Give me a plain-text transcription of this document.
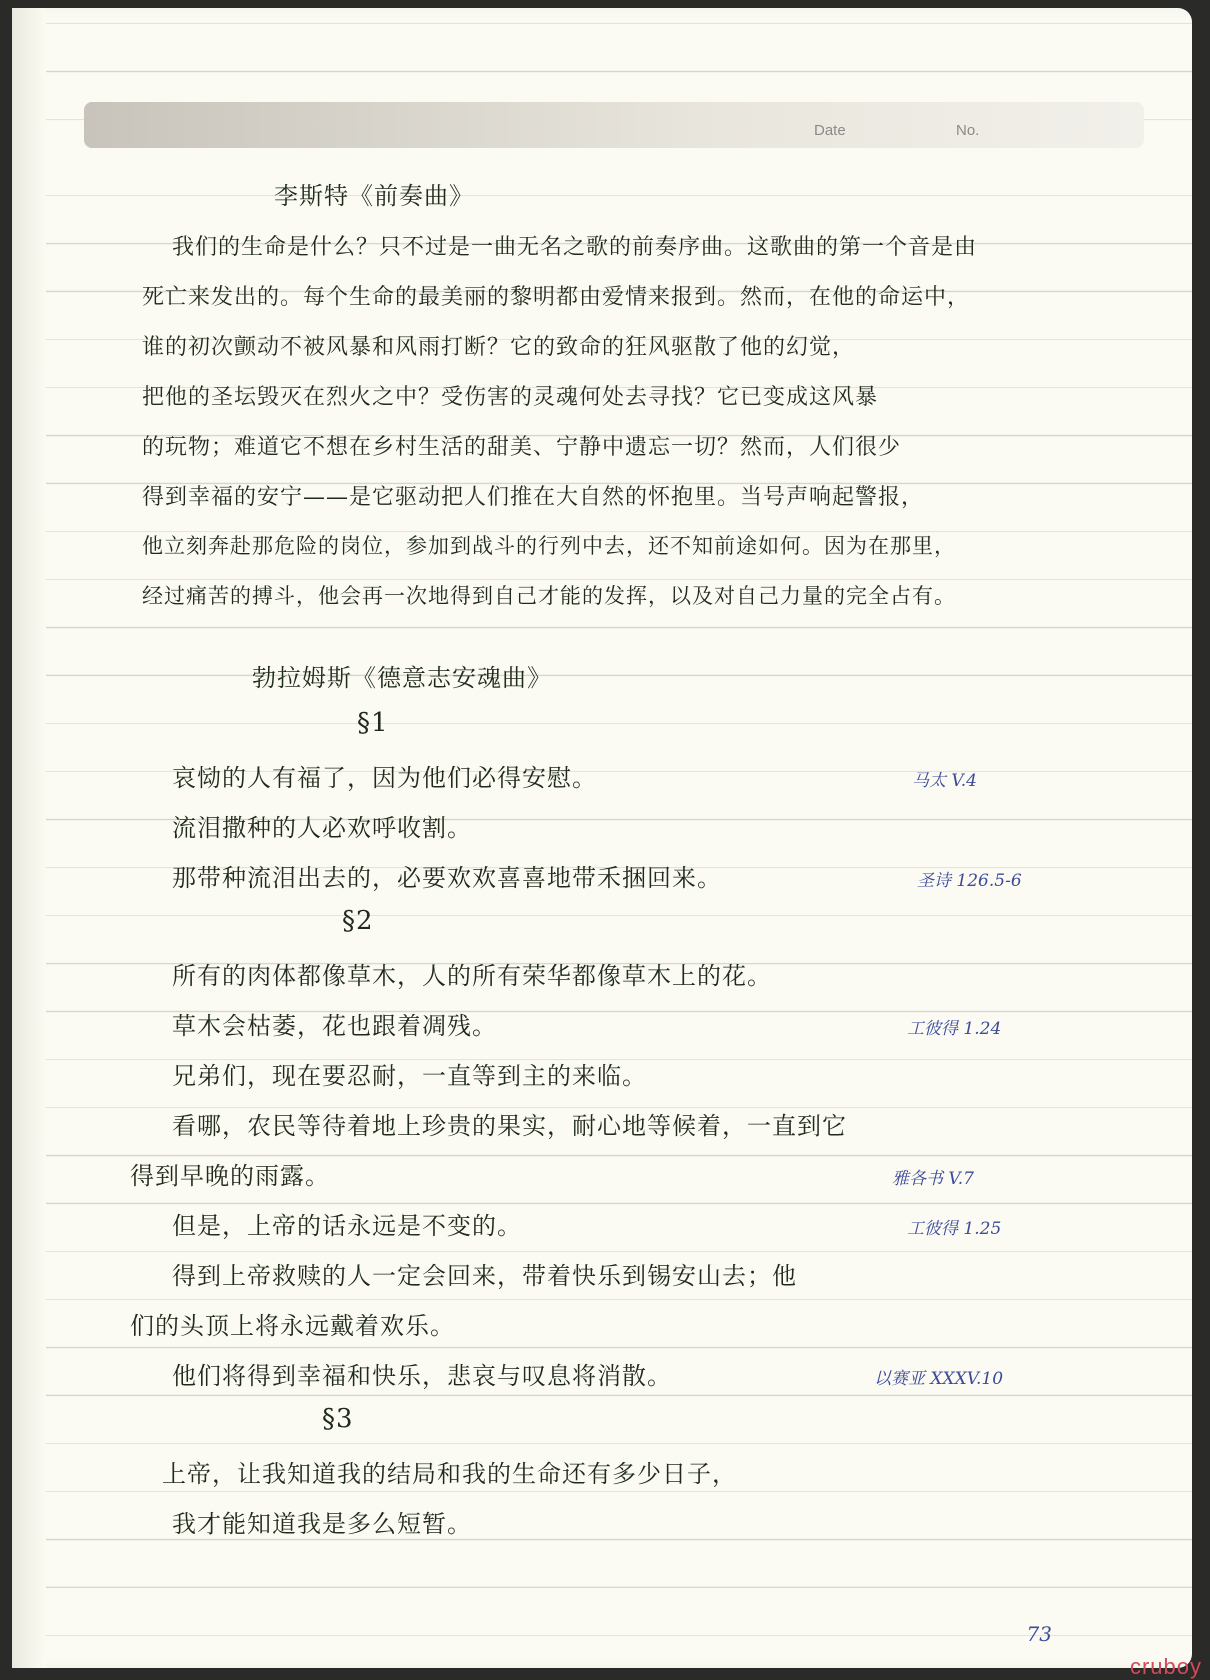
Date	No.
李斯特《前奏曲》
我们的生命是什么？只不过是一曲无名之歌的前奏序曲。这歌曲的第一个音是由
死亡来发出的。每个生命的最美丽的黎明都由爱情来报到。然而，在他的命运中，
谁的初次颤动不被风暴和风雨打断？它的致命的狂风驱散了他的幻觉，
把他的圣坛毁灭在烈火之中？受伤害的灵魂何处去寻找？它已变成这风暴
的玩物；难道它不想在乡村生活的甜美、宁静中遗忘一切？然而，人们很少
得到幸福的安宁——是它驱动把人们推在大自然的怀抱里。当号声响起警报，
他立刻奔赴那危险的岗位，参加到战斗的行列中去，还不知前途如何。因为在那里，
经过痛苦的搏斗，他会再一次地得到自己才能的发挥，以及对自己力量的完全占有。
勃拉姆斯《德意志安魂曲》
§1
哀恸的人有福了，因为他们必得安慰。	马太 V.4
流泪撒种的人必欢呼收割。
那带种流泪出去的，必要欢欢喜喜地带禾捆回来。	圣诗 126.5-6
§2
所有的肉体都像草木，人的所有荣华都像草木上的花。
草木会枯萎，花也跟着凋残。	工彼得 1.24
兄弟们，现在要忍耐，一直等到主的来临。
看哪，农民等待着地上珍贵的果实，耐心地等候着，一直到它
得到早晚的雨露。	雅各书 V.7
但是，上帝的话永远是不变的。	工彼得 1.25
得到上帝救赎的人一定会回来，带着快乐到锡安山去；他
们的头顶上将永远戴着欢乐。
他们将得到幸福和快乐，悲哀与叹息将消散。	以赛亚 XXXV.10
§3
上帝，让我知道我的结局和我的生命还有多少日子，
我才能知道我是多么短暂。
73
cruboy
